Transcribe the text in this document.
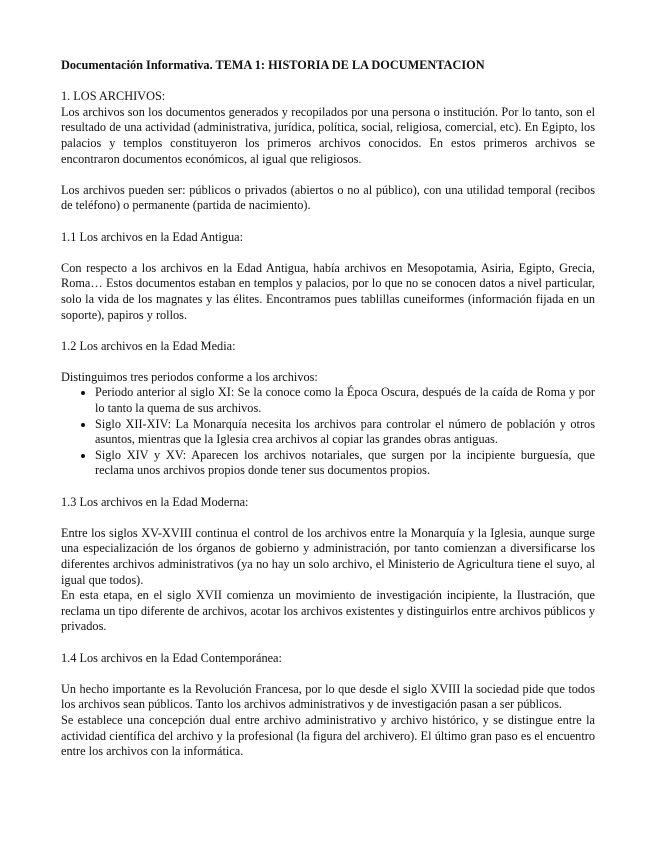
Documentación Informativa. TEMA 1: HISTORIA DE LA DOCUMENTACION

1. LOS ARCHIVOS:

Los archivos son los documentos generados y recopilados por una persona o institución. Por lo tanto, son el resultado de una actividad (administrativa, jurídica, política, social, religiosa, comercial, etc). En Egipto, los palacios y templos constituyeron los primeros archivos conocidos. En estos primeros archivos se encontraron documentos económicos, al igual que religiosos.

Los archivos pueden ser: públicos o privados (abiertos o no al público), con una utilidad temporal (recibos de teléfono) o permanente (partida de nacimiento).

1.1 Los archivos en la Edad Antigua:

Con respecto a los archivos en la Edad Antigua, había archivos en Mesopotamia, Asiria, Egipto, Grecia, Roma… Estos documentos estaban en templos y palacios, por lo que no se conocen datos a nivel particular, solo la vida de los magnates y las élites. Encontramos pues tablillas cuneiformes (información fijada en un soporte), papiros y rollos.

1.2 Los archivos en la Edad Media:

Distinguimos tres periodos conforme a los archivos:

• Periodo anterior al siglo XI: Se la conoce como la Época Oscura, después de la caída de Roma y por lo tanto la quema de sus archivos.
• Siglo XII-XIV: La Monarquía necesita los archivos para controlar el número de población y otros asuntos, mientras que la Iglesia crea archivos al copiar las grandes obras antiguas.
• Siglo XIV y XV: Aparecen los archivos notariales, que surgen por la incipiente burguesía, que reclama unos archivos propios donde tener sus documentos propios.

1.3 Los archivos en la Edad Moderna:

Entre los siglos XV-XVIII continua el control de los archivos entre la Monarquía y la Iglesia, aunque surge una especialización de los órganos de gobierno y administración, por tanto comienzan a diversificarse los diferentes archivos administrativos (ya no hay un solo archivo, el Ministerio de Agricultura tiene el suyo, al igual que todos).

En esta etapa, en el siglo XVII comienza un movimiento de investigación incipiente, la Ilustración, que reclama un tipo diferente de archivos, acotar los archivos existentes y distinguirlos entre archivos públicos y privados.

1.4 Los archivos en la Edad Contemporánea:

Un hecho importante es la Revolución Francesa, por lo que desde el siglo XVIII la sociedad pide que todos los archivos sean públicos. Tanto los archivos administrativos y de investigación pasan a ser públicos.

Se establece una concepción dual entre archivo administrativo y archivo histórico, y se distingue entre la actividad científica del archivo y la profesional (la figura del archivero). El último gran paso es el encuentro entre los archivos con la informática.
